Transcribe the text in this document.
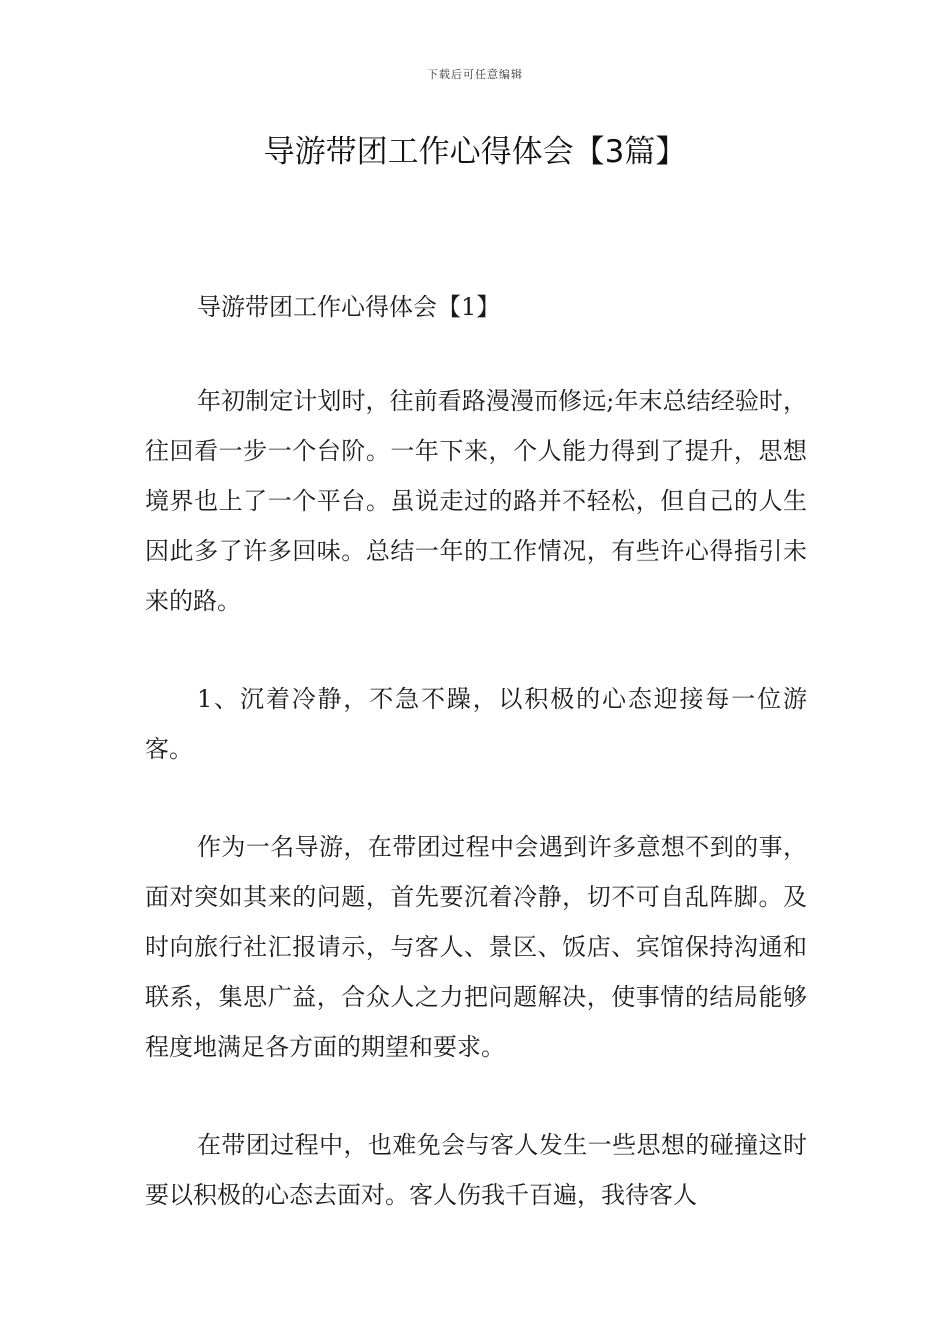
下载后可任意编辑
导游带团工作心得体会【3篇】

导游带团工作心得体会【1】

年初制定计划时，往前看路漫漫而修远;年末总结经验时，往回看一步一个台阶。一年下来，个人能力得到了提升，思想境界也上了一个平台。虽说走过的路并不轻松，但自己的人生因此多了许多回味。总结一年的工作情况，有些许心得指引未来的路。

1、沉着冷静，不急不躁，以积极的心态迎接每一位游客。

作为一名导游，在带团过程中会遇到许多意想不到的事，面对突如其来的问题，首先要沉着冷静，切不可自乱阵脚。及时向旅行社汇报请示，与客人、景区、饭店、宾馆保持沟通和联系，集思广益，合众人之力把问题解决，使事情的结局能够程度地满足各方面的期望和要求。

在带团过程中，也难免会与客人发生一些思想的碰撞这时要以积极的心态去面对。客人伤我千百遍，我待客人
